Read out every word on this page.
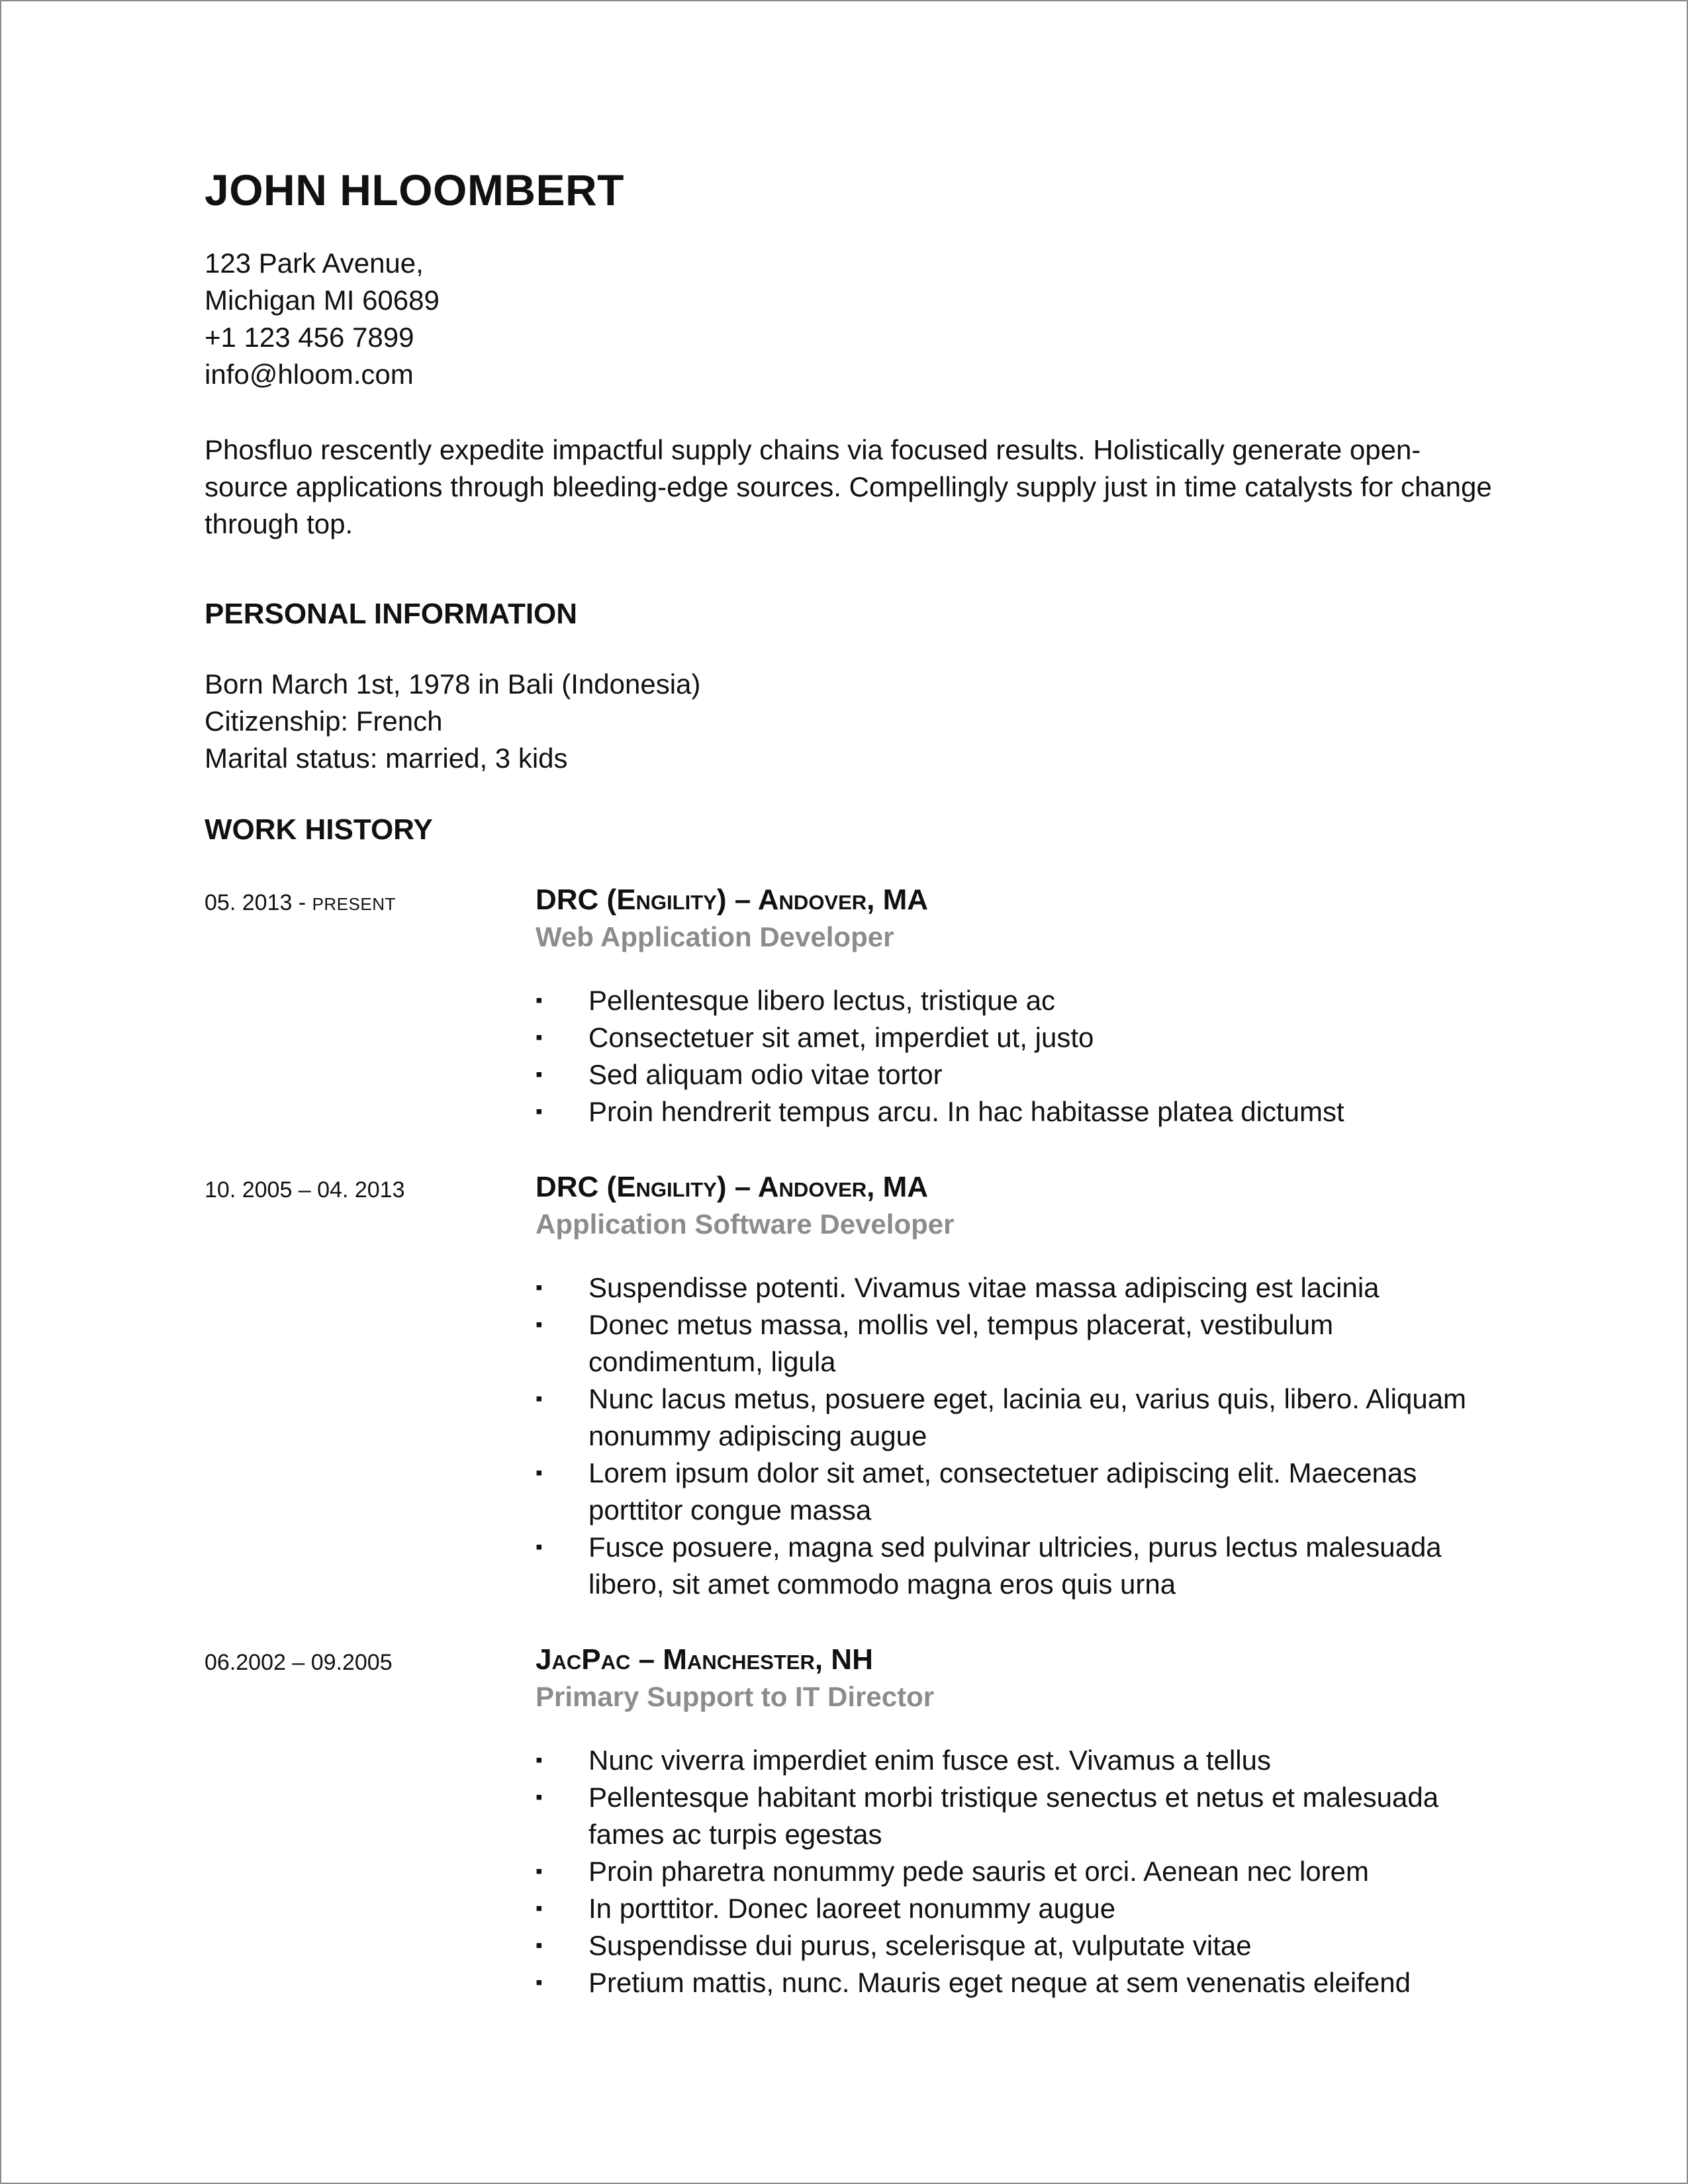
JOHN HLOOMBERT
123 Park Avenue,
Michigan MI 60689
+1 123 456 7899
info@hloom.com
Phosfluo rescently expedite impactful supply chains via focused results. Holistically generate open-source applications through bleeding-edge sources. Compellingly supply just in time catalysts for change through top.
PERSONAL INFORMATION
Born March 1st, 1978 in Bali (Indonesia)
Citizenship: French
Marital status: married, 3 kids
WORK HISTORY
05. 2013 - PRESENT	DRC (Engility) – Andover, MA
Web Application Developer
▪ Pellentesque libero lectus, tristique ac
▪ Consectetuer sit amet, imperdiet ut, justo
▪ Sed aliquam odio vitae tortor
▪ Proin hendrerit tempus arcu. In hac habitasse platea dictumst
10. 2005 – 04. 2013	DRC (Engility) – Andover, MA
Application Software Developer
▪ Suspendisse potenti. Vivamus vitae massa adipiscing est lacinia
▪ Donec metus massa, mollis vel, tempus placerat, vestibulum condimentum, ligula
▪ Nunc lacus metus, posuere eget, lacinia eu, varius quis, libero. Aliquam nonummy adipiscing augue
▪ Lorem ipsum dolor sit amet, consectetuer adipiscing elit. Maecenas porttitor congue massa
▪ Fusce posuere, magna sed pulvinar ultricies, purus lectus malesuada libero, sit amet commodo magna eros quis urna
06.2002 – 09.2005	JacPac – Manchester, NH
Primary Support to IT Director
▪ Nunc viverra imperdiet enim fusce est. Vivamus a tellus
▪ Pellentesque habitant morbi tristique senectus et netus et malesuada fames ac turpis egestas
▪ Proin pharetra nonummy pede sauris et orci. Aenean nec lorem
▪ In porttitor. Donec laoreet nonummy augue
▪ Suspendisse dui purus, scelerisque at, vulputate vitae
▪ Pretium mattis, nunc. Mauris eget neque at sem venenatis eleifend
